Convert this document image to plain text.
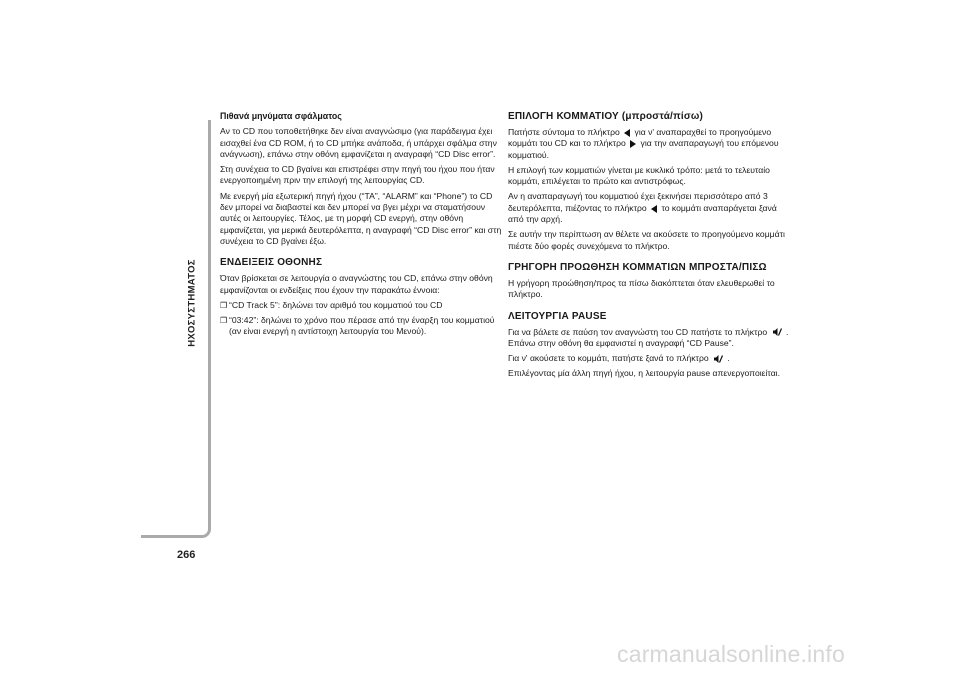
ΗΧΟΣΥΣΤΗΜΑΤΟΣ
266

Πιθανά μηνύματα σφάλματος

Αν το CD που τοποθετήθηκε δεν είναι αναγνώσιμο (για παράδειγμα έχει εισαχθεί ένα CD ROM, ή το CD μπήκε ανάποδα, ή υπάρχει σφάλμα στην ανάγνωση), επάνω στην οθόνη εμφανίζεται η αναγραφή “CD Disc error”.

Στη συνέχεια το CD βγαίνει και επιστρέφει στην πηγή του ήχου που ήταν ενεργοποιημένη πριν την επιλογή της λειτουργίας CD.

Με ενεργή μία εξωτερική πηγή ήχου (“TA”, “ALARM” και “Phone”) το CD δεν μπορεί να διαβαστεί και δεν μπορεί να βγει μέχρι να σταματήσουν αυτές οι λειτουργίες. Τέλος, με τη μορφή CD ενεργή, στην οθόνη εμφανίζεται, για μερικά δευτερόλεπτα, η αναγραφή “CD Disc error” και στη συνέχεια το CD βγαίνει έξω.

ΕΝΔΕΙΞΕΙΣ ΟΘΟΝΗΣ

Όταν βρίσκεται σε λειτουργία ο αναγνώστης του CD, επάνω στην οθόνη εμφανίζονται οι ενδείξεις που έχουν την παρακάτω έννοια:

❒ “CD Track 5”: δηλώνει τον αριθμό του κομματιού του CD
❒ “03:42”: δηλώνει το χρόνο που πέρασε από την έναρξη του κομματιού (αν είναι ενεργή η αντίστοιχη λειτουργία του Μενού).
ΕΠΙΛΟΓΗ ΚΟΜΜΑΤΙΟΥ (μπροστά/πίσω)

Πατήστε σύντομα το πλήκτρο για ν' αναπαραχθεί το προηγούμενο κομμάτι του CD και το πλήκτρο για την αναπαραγωγή του επόμενου κομματιού.

Η επιλογή των κομματιών γίνεται με κυκλικό τρόπο: μετά το τελευταίο κομμάτι, επιλέγεται το πρώτο και αντιστρόφως.

Αν η αναπαραγωγή του κομματιού έχει ξεκινήσει περισσότερο από 3 δευτερόλεπτα, πιέζοντας το πλήκτρο το κομμάτι αναπαράγεται ξανά από την αρχή.

Σε αυτήν την περίπτωση αν θέλετε να ακούσετε το προηγούμενο κομμάτι πιέστε δύο φορές συνεχόμενα το πλήκτρο.

ΓΡΗΓΟΡΗ ΠΡΟΩΘΗΣΗ ΚΟΜΜΑΤΙΩΝ ΜΠΡΟΣΤΑ/ΠΙΣΩ

Η γρήγορη προώθηση/προς τα πίσω διακόπτεται όταν ελευθερωθεί το πλήκτρο.

ΛΕΙΤΟΥΡΓΙΑ PAUSE

Για να βάλετε σε παύση τον αναγνώστη του CD πατήστε το πλήκτρο . Επάνω στην οθόνη θα εμφανιστεί η αναγραφή “CD Pause”.

Για ν' ακούσετε το κομμάτι, πατήστε ξανά το πλήκτρο .

Επιλέγοντας μία άλλη πηγή ήχου, η λειτουργία pause απενεργοποιείται.

carmanualsonline.info
